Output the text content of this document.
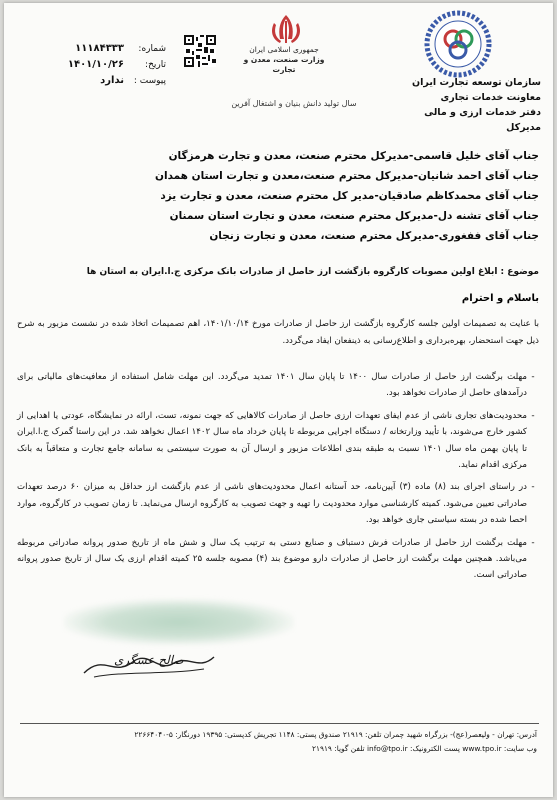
سازمان توسعه تجارت ایران
معاونت خدمات تجاری
دفتر خدمات ارزی و مالی
مدیرکل
جمهوری اسلامی ایران
وزارت صنعت، معدن و تجارت
سال تولید دانش بنیان و اشتغال آفرین
شماره:
۱۱۱۸۴۳۳۳
تاریخ:
۱۴۰۱/۱۰/۲۶
پیوست :
ندارد
جناب آقای خلیل قاسمی-مدیرکل محترم صنعت، معدن و تجارت هرمزگان
جناب آقای احمد شانیان-مدیرکل محترم صنعت،معدن و تجارت استان همدان
جناب آقای محمدکاظم صادقیان-مدیر کل محترم صنعت، معدن و تجارت یزد
جناب آقای تشنه دل-مدیرکل محترم صنعت، معدن و تجارت استان سمنان
جناب آقای ففغوری-مدیرکل محترم صنعت، معدن و تجارت زنجان
موضوع : ابلاغ اولین مصوبات کارگروه بازگشت ارز حاصل از صادرات بانک مرکزی ج.ا.ایران به استان ها
باسلام و احترام
با عنایت به تصمیمات اولین جلسه کارگروه بازگشت ارز حاصل از صادرات مورخ ۱۴۰۱/۱۰/۱۴، اهم تصمیمات اتخاذ شده در نشست مزبور به شرح ذیل جهت استحضار، بهره‌برداری و اطلاع‌رسانی به ذینفعان ایفاد می‌گردد.
-
مهلت برگشت ارز حاصل از صادرات سال ۱۴۰۰ تا پایان سال ۱۴۰۱ تمدید می‌گردد. این مهلت شامل استفاده از معافیت‌های مالیاتی برای درآمدهای حاصل از صادرات نخواهد بود.
-
محدودیت‌های تجاری ناشی از عدم ایفای تعهدات ارزی حاصل از صادرات کالاهایی که جهت نمونه، تست، ارائه در نمایشگاه، عودتی یا اهدایی از کشور خارج می‌شوند، با تأیید وزارتخانه / دستگاه اجرایی مربوطه تا پایان خرداد ماه سال ۱۴۰۲ اعمال نخواهد شد. در این راستا گمرک ج.ا.ایران تا پایان بهمن ماه سال ۱۴۰۱ نسبت به طبقه بندی اطلاعات مزبور و ارسال آن به صورت سیستمی به سامانه جامع تجارت و متعاقباً به بانک مرکزی اقدام نماید.
-
در راستای اجرای بند (۸) ماده (۳) آیین‌نامه، حد آستانه اعمال محدودیت‌های ناشی از عدم بازگشت ارز حداقل به میزان ۶۰ درصد تعهدات صادراتی تعیین می‌شود. کمیته کارشناسی موارد محدودیت را تهیه و جهت تصویب به کارگروه ارسال می‌نماید. تا زمان تصویب در کارگروه، موارد احصا شده در بسته سیاستی جاری خواهد بود.
-
مهلت برگشت ارز حاصل از صادرات فرش دستباف و صنایع دستی به ترتیب یک سال و شش ماه از تاریخ صدور پروانه صادراتی مربوطه می‌باشد. همچنین مهلت برگشت ارز حاصل از صادرات دارو موضوع بند (۴) مصوبه جلسه ۲۵ کمیته اقدام ارزی یک سال از تاریخ صدور پروانه صادراتی است.
صالح عسگری
آدرس: تهران - ولیعصر(عج)- بزرگراه شهید چمران تلفن: ۲۱۹۱۹ صندوق پستی: ۱۱۴۸ تجریش کدپستی: ۱۹۳۹۵ دورنگار: ۵-۲۲۶۶۴۰۴۰
وب سایت: www.tpo.ir پست الکترونیک: info@tpo.ir تلفن گویا: ۲۱۹۱۹
